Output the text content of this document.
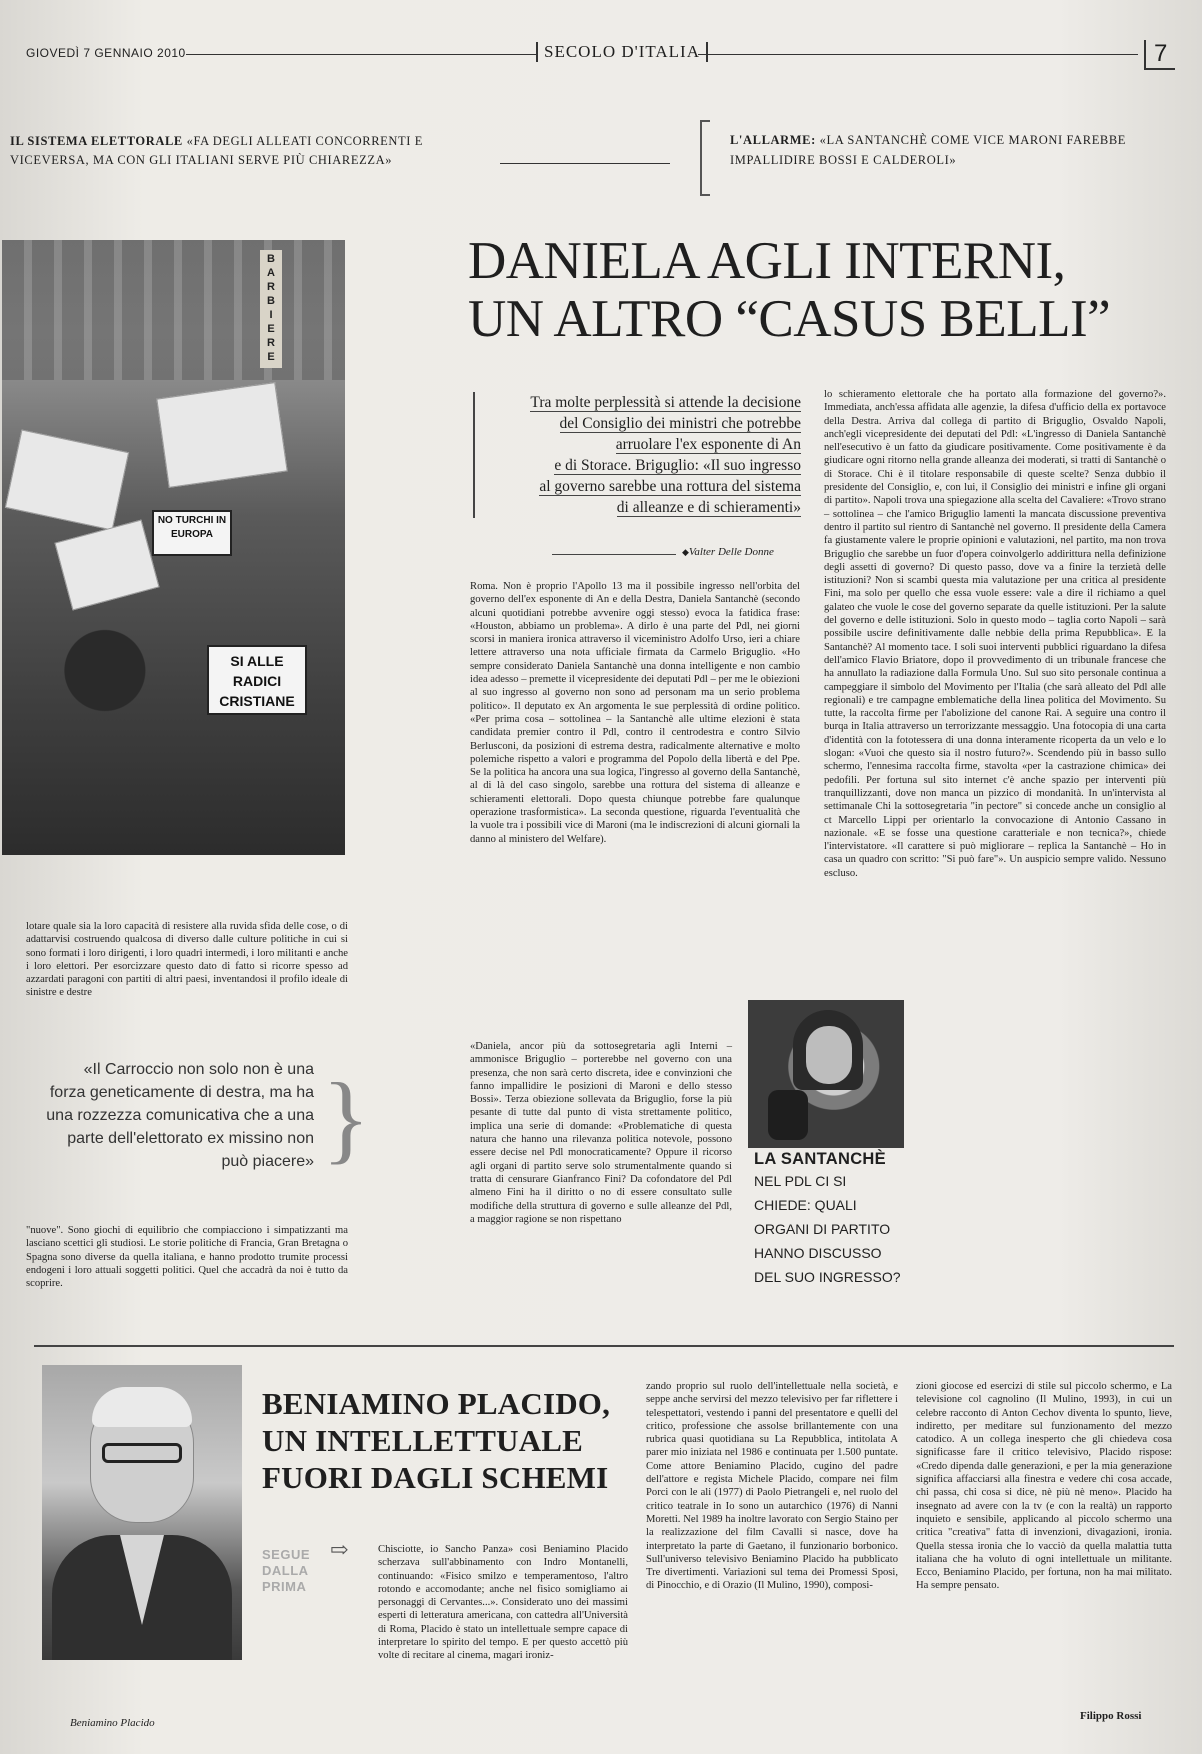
GIOVEDÌ 7 GENNAIO 2010	SECOLO D'ITALIA	7
IL SISTEMA ELETTORALE «FA DEGLI ALLEATI CONCORRENTI E VICEVERSA, MA CON GLI ITALIANI SERVE PIÙ CHIAREZZA»
L'ALLARME: «LA SANTANCHÈ COME VICE MARONI FAREBBE IMPALLIDIRE BOSSI E CALDEROLI»
BARBIERE
NO TURCHI IN EUROPA
SI ALLE RADICI CRISTIANE
DANIELA AGLI INTERNI,
UN ALTRO “CASUS BELLI”
Tra molte perplessità si attende la decisione
del Consiglio dei ministri che potrebbe
arruolare l'ex esponente di An
e di Storace. Briguglio: «Il suo ingresso
al governo sarebbe una rottura del sistema
di alleanze e di schieramenti»
◆ Valter Delle Donne

Roma. Non è proprio l'Apollo 13 ma il possibile ingresso nell'orbita del governo dell'ex esponente di An e della Destra, Daniela Santanchè (secondo alcuni quotidiani potrebbe avvenire oggi stesso) evoca la fatidica frase: «Houston, abbiamo un problema». A dirlo è una parte del Pdl, nei giorni scorsi in maniera ironica attraverso il viceministro Adolfo Urso, ieri a chiare lettere attraverso una nota ufficiale firmata da Carmelo Briguglio. «Ho sempre considerato Daniela Santanchè una donna intelligente e non cambio idea adesso – premette il vicepresidente dei deputati Pdl – per me le obiezioni al suo ingresso al governo non sono ad personam ma un serio problema politico». Il deputato ex An argomenta le sue perplessità di ordine politico. «Per prima cosa – sottolinea – la Santanchè alle ultime elezioni è stata candidata premier contro il Pdl, contro il centrodestra e contro Silvio Berlusconi, da posizioni di estrema destra, radicalmente alternative e molto polemiche rispetto a valori e programma del Popolo della libertà e del Ppe. Se la politica ha ancora una sua logica, l'ingresso al governo della Santanchè, al di là del caso singolo, sarebbe una rottura del sistema di alleanze e schieramenti elettorali. Dopo questa chiunque potrebbe fare qualunque operazione trasformistica». La seconda questione, riguarda l'eventualità che la vuole tra i possibili vice di Maroni (ma le indiscrezioni di alcuni giornali la danno al ministero del Welfare).

«Daniela, ancor più da sottosegretaria agli Interni – ammonisce Briguglio – porterebbe nel governo con una presenza, che non sarà certo discreta, idee e convinzioni che fanno impallidire le posizioni di Maroni e dello stesso Bossi». Terza obiezione sollevata da Briguglio, forse la più pesante di tutte dal punto di vista strettamente politico, implica una serie di domande: «Problematiche di questa natura che hanno una rilevanza politica notevole, possono essere decise nel Pdl monocraticamente? Oppure il ricorso agli organi di partito serve solo strumentalmente quando si tratta di censurare Gianfranco Fini? Da cofondatore del Pdl almeno Fini ha il diritto o no di essere consultato sulle modifiche della struttura di governo e sulle alleanze del Pdl, a maggior ragione se non rispettano

lo schieramento elettorale che ha portato alla formazione del governo?». Immediata, anch'essa affidata alle agenzie, la difesa d'ufficio della ex portavoce della Destra. Arriva dal collega di partito di Briguglio, Osvaldo Napoli, anch'egli vicepresidente dei deputati del Pdl: «L'ingresso di Daniela Santanchè nell'esecutivo è un fatto da giudicare positivamente. Come positivamente è da giudicare ogni ritorno nella grande alleanza dei moderati, si tratti di Santanchè o di Storace. Chi è il titolare responsabile di queste scelte? Senza dubbio il presidente del Consiglio, e, con lui, il Consiglio dei ministri e infine gli organi di partito». Napoli trova una spiegazione alla scelta del Cavaliere: «Trovo strano – sottolinea – che l'amico Briguglio lamenti la mancata discussione preventiva dentro il partito sul rientro di Santanchè nel governo. Il presidente della Camera fa giustamente valere le proprie opinioni e valutazioni, nel partito, ma non trova Briguglio che sarebbe un fuor d'opera coinvolgerlo addirittura nella definizione degli assetti di governo? Di questo passo, dove va a finire la terzietà delle istituzioni? Non si scambi questa mia valutazione per una critica al presidente Fini, ma solo per quello che essa vuole essere: vale a dire il richiamo a quel galateo che vuole le cose del governo separate da quelle istituzioni. Per la salute del governo e delle istituzioni. Solo in questo modo – taglia corto Napoli – sarà possibile uscire definitivamente dalle nebbie della prima Repubblica». E la Santanchè? Al momento tace. I soli suoi interventi pubblici riguardano la difesa dell'amico Flavio Briatore, dopo il provvedimento di un tribunale francese che ha annullato la radiazione dalla Formula Uno. Sul suo sito personale continua a campeggiare il simbolo del Movimento per l'Italia (che sarà alleato del Pdl alle regionali) e tre campagne emblematiche della linea politica del Movimento. Su tutte, la raccolta firme per l'abolizione del canone Rai. A seguire una contro il burqa in Italia attraverso un terrorizzante messaggio. Una fotocopia di una carta d'identità con la fototessera di una donna interamente ricoperta da un velo e lo slogan: «Vuoi che questo sia il nostro futuro?». Scendendo più in basso sullo schermo, l'ennesima raccolta firme, stavolta «per la castrazione chimica» dei pedofili. Per fortuna sul sito internet c'è anche spazio per interventi più tranquillizzanti, dove non manca un pizzico di mondanità. In un'intervista al settimanale Chi la sottosegretaria "in pectore" si concede anche un consiglio al ct Marcello Lippi per orientarlo la convocazione di Antonio Cassano in nazionale. «E se fosse una questione caratteriale e non tecnica?», chiede l'intervistatore. «Il carattere si può migliorare – replica la Santanchè – Ho in casa un quadro con scritto: "Si può fare"». Un auspicio sempre valido. Nessuno escluso.

lotare quale sia la loro capacità di resistere alla ruvida sfida delle cose, o di adattarvisi costruendo qualcosa di diverso dalle culture politiche in cui si sono formati i loro dirigenti, i loro quadri intermedi, i loro militanti e anche i loro elettori. Per esorcizzare questo dato di fatto si ricorre spesso ad azzardati paragoni con partiti di altri paesi, inventandosi il profilo ideale di sinistre e destre

«Il Carroccio non solo non è una forza geneticamente di destra, ma ha una rozzezza comunicativa che a una parte dell'elettorato ex missino non può piacere» }

"nuove". Sono giochi di equilibrio che compiacciono i simpatizzanti ma lasciano scettici gli studiosi. Le storie politiche di Francia, Gran Bretagna o Spagna sono diverse da quella italiana, e hanno prodotto trumite processi endogeni i loro attuali soggetti politici. Quel che accadrà da noi è tutto da scoprire.

LA SANTANCHÈ
NEL PDL CI SI CHIEDE: QUALI ORGANI DI PARTITO HANNO DISCUSSO DEL SUO INGRESSO?
Beniamino Placido
BENIAMINO PLACIDO,
UN INTELLETTUALE
FUORI DAGLI SCHEMI
SEGUE DALLA PRIMA
⇨	Chisciotte, io Sancho Panza» così Beniamino Placido scherzava sull'abbinamento con Indro Montanelli, continuando: «Fisico smilzo e temperamentoso, l'altro rotondo e accomodante; anche nel fisico somigliamo ai personaggi di Cervantes...». Considerato uno dei massimi esperti di letteratura americana, con cattedra all'Università di Roma, Placido è stato un intellettuale sempre capace di interpretare lo spirito del tempo. E per questo accettò più volte di recitare al cinema, magari ironiz-

zando proprio sul ruolo dell'intellettuale nella società, e seppe anche servirsi del mezzo televisivo per far riflettere i telespettatori, vestendo i panni del presentatore e quelli del critico, professione che assolse brillantemente con una rubrica quasi quotidiana su La Repubblica, intitolata A parer mio iniziata nel 1986 e continuata per 1.500 puntate. Come attore Beniamino Placido, cugino del padre dell'attore e regista Michele Placido, compare nei film Porci con le ali (1977) di Paolo Pietrangeli e, nel ruolo del critico teatrale in Io sono un autarchico (1976) di Nanni Moretti. Nel 1989 ha inoltre lavorato con Sergio Staino per la realizzazione del film Cavalli si nasce, dove ha interpretato la parte di Gaetano, il funzionario borbonico. Sull'universo televisivo Beniamino Placido ha pubblicato Tre divertimenti. Variazioni sul tema dei Promessi Sposi, di Pinocchio, e di Orazio (Il Mulino, 1990), composi-

zioni giocose ed esercizi di stile sul piccolo schermo, e La televisione col cagnolino (Il Mulino, 1993), in cui un celebre racconto di Anton Cechov diventa lo spunto, lieve, indiretto, per meditare sul funzionamento del mezzo catodico. A un collega inesperto che gli chiedeva cosa significasse fare il critico televisivo, Placido rispose: «Credo dipenda dalle generazioni, e per la mia generazione significa affacciarsi alla finestra e vedere chi cosa accade, chi passa, chi cosa si dice, nè più nè meno». Placido ha insegnato ad avere con la tv (e con la realtà) un rapporto inquieto e sensibile, applicando al piccolo schermo una critica "creativa" fatta di invenzioni, divagazioni, ironia. Quella stessa ironia che lo vacciò da quella malattia tutta italiana che ha voluto di ogni intellettuale un militante. Ecco, Beniamino Placido, per fortuna, non ha mai militato. Ha sempre pensato.

Filippo Rossi
